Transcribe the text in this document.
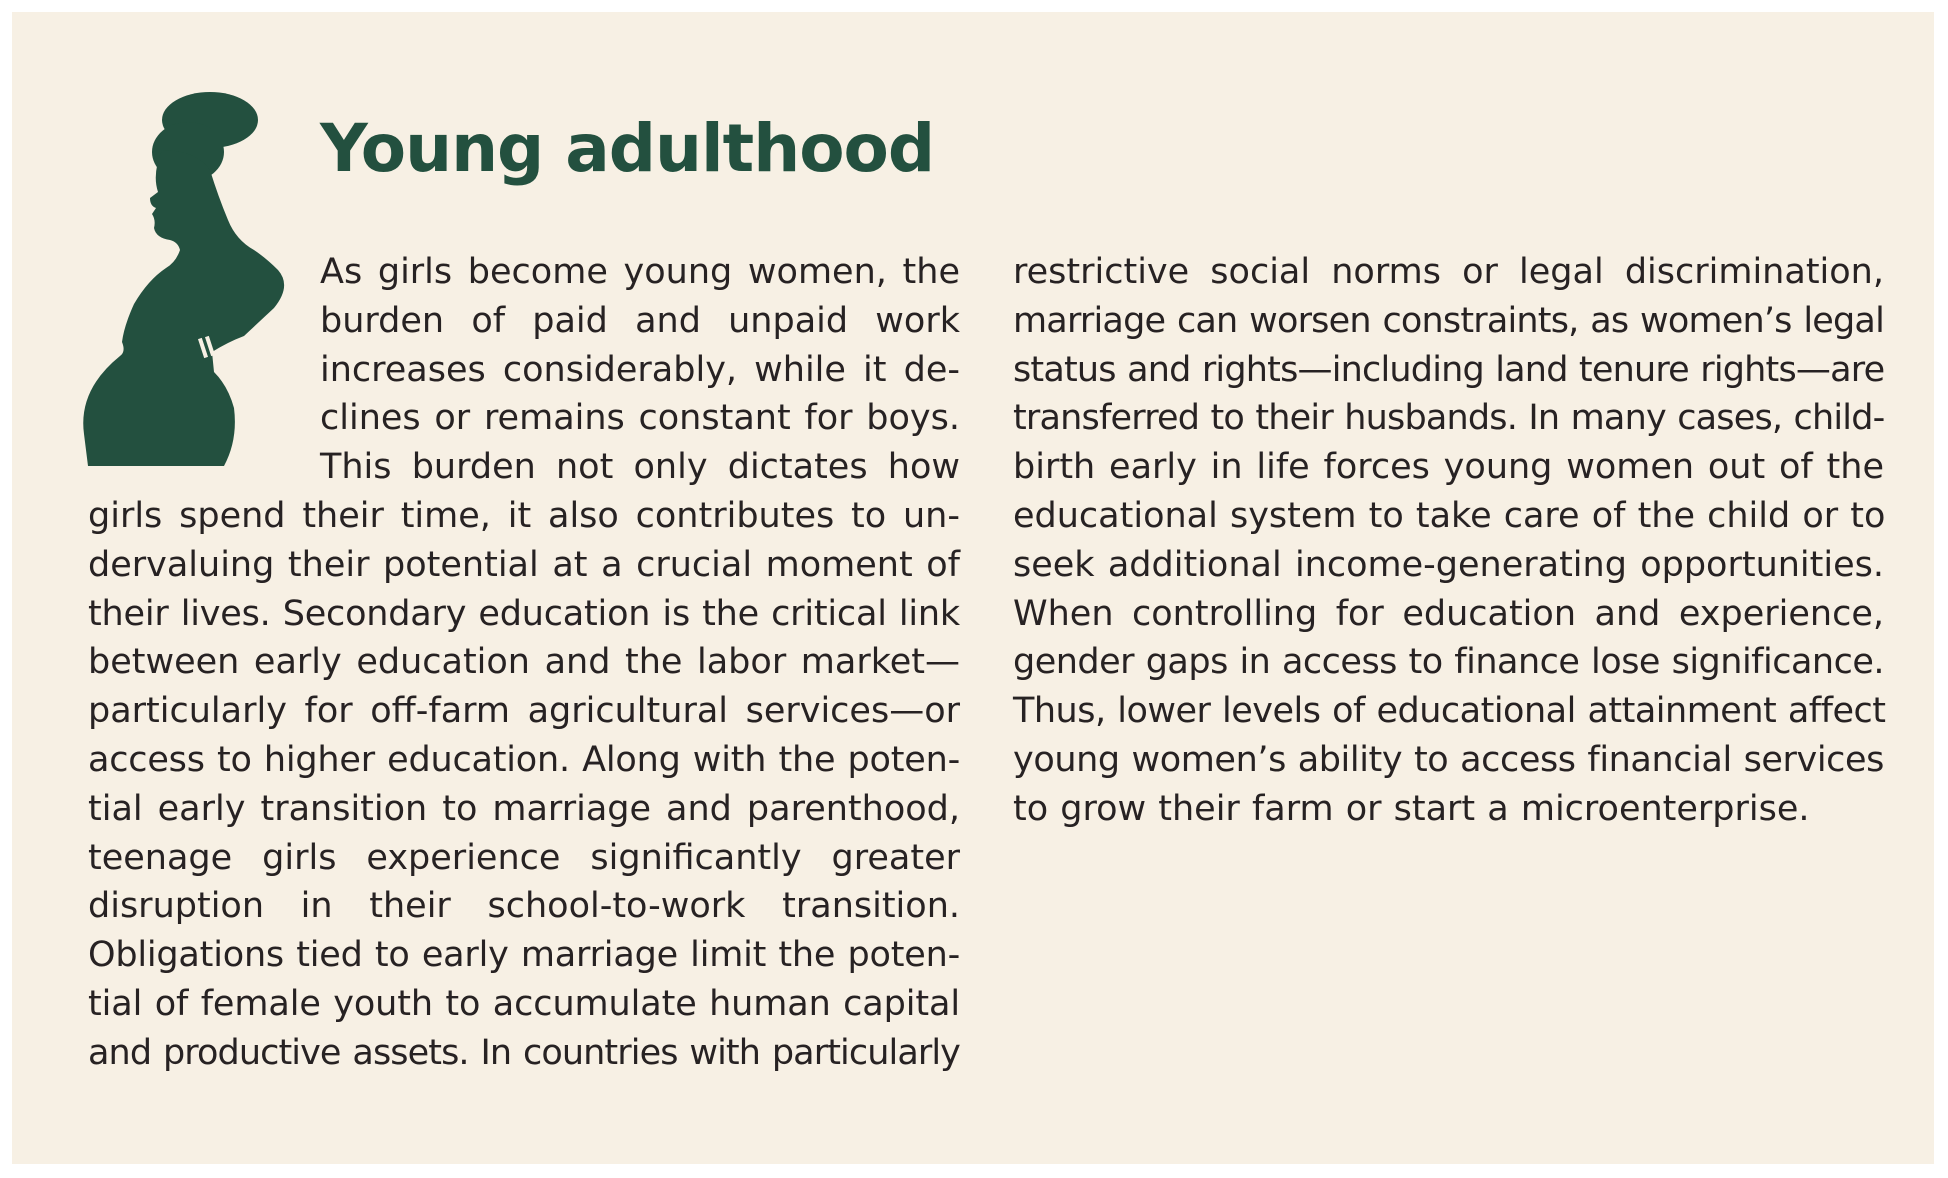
Young adulthood
As girls become young women, the
burden of paid and unpaid work
increases considerably, while it de-
clines or remains constant for boys.
This burden not only dictates how
girls spend their time, it also contributes to un-
dervaluing their potential at a crucial moment of
their lives. Secondary education is the critical link
between early education and the labor market—
particularly for off-farm agricultural services—or
access to higher education. Along with the poten-
tial early transition to marriage and parenthood,
teenage girls experience significantly greater
disruption in their school-to-work transition.
Obligations tied to early marriage limit the poten-
tial of female youth to accumulate human capital
and productive assets. In countries with particularly
restrictive social norms or legal discrimination,
marriage can worsen constraints, as women’s legal
status and rights—including land tenure rights—are
transferred to their husbands. In many cases, child-
birth early in life forces young women out of the
educational system to take care of the child or to
seek additional income-generating opportunities.
When controlling for education and experience,
gender gaps in access to finance lose significance.
Thus, lower levels of educational attainment affect
young women’s ability to access financial services
to grow their farm or start a microenterprise.
